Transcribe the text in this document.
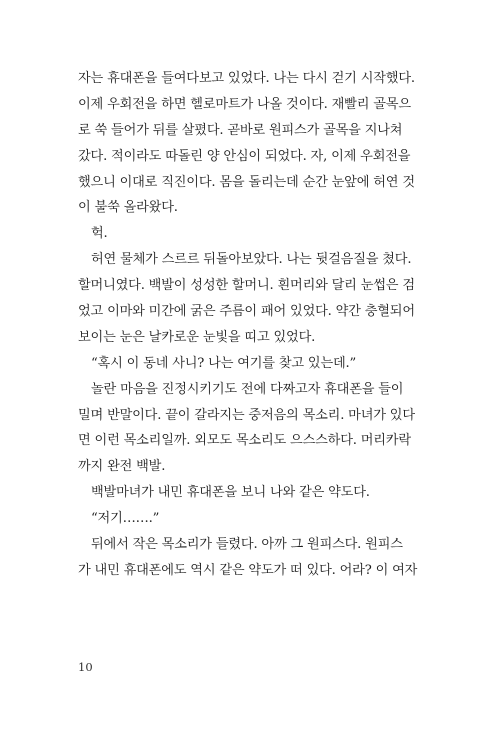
자는 휴대폰을 들여다보고 있었다. 나는 다시 걷기 시작했다.
이제 우회전을 하면 헬로마트가 나올 것이다. 재빨리 골목으
로 쑥 들어가 뒤를 살폈다. 곧바로 원피스가 골목을 지나쳐
갔다. 적이라도 따돌린 양 안심이 되었다. 자, 이제 우회전을
했으니 이대로 직진이다. 몸을 돌리는데 순간 눈앞에 허연 것
이 불쑥 올라왔다.
헉.
허연 물체가 스르르 뒤돌아보았다. 나는 뒷걸음질을 쳤다.
할머니였다. 백발이 성성한 할머니. 흰머리와 달리 눈썹은 검
었고 이마와 미간에 굵은 주름이 패어 있었다. 약간 충혈되어
보이는 눈은 날카로운 눈빛을 띠고 있었다.
“혹시 이 동네 사니? 나는 여기를 찾고 있는데.”
놀란 마음을 진정시키기도 전에 다짜고자 휴대폰을 들이
밀며 반말이다. 끝이 갈라지는 중저음의 목소리. 마녀가 있다
면 이런 목소리일까. 외모도 목소리도 으스스하다. 머리카락
까지 완전 백발.
백발마녀가 내민 휴대폰을 보니 나와 같은 약도다.
“저기…….”
뒤에서 작은 목소리가 들렸다. 아까 그 원피스다. 원피스
가 내민 휴대폰에도 역시 같은 약도가 떠 있다. 어라? 이 여자
10
